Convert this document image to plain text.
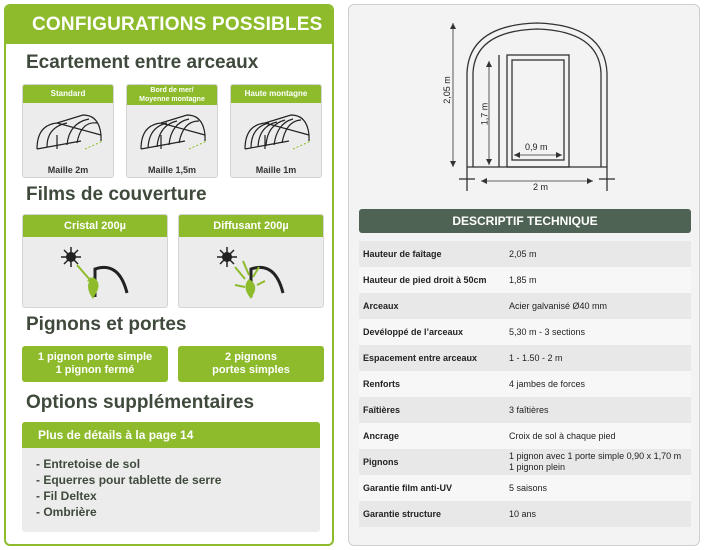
CONFIGURATIONS POSSIBLES
Ecartement entre arceaux
Standard
Maille 2m
Bord de mer/
Moyenne montagne
Maille 1,5m
Haute montagne
Maille 1m
Films de couverture
Cristal 200µ	Diffusant 200µ
Pignons et portes
1 pignon porte simple
1 pignon fermé
2 pignons
portes simples
Options supplémentaires
Plus de détails à la page 14
- Entretoise de sol
- Equerres pour tablette de serre
- Fil Deltex
- Ombrière
2,05 m
1,7 m
0,9 m
2 m
DESCRIPTIF TECHNIQUE
Hauteur de faîtage	2,05 m
Hauteur de pied droit à 50cm	1,85 m
Arceaux	Acier galvanisé Ø40 mm
Devéloppé de l’arceaux	5,30 m - 3 sections
Espacement entre arceaux	1 - 1.50 - 2 m
Renforts	4 jambes de forces
Faîtières	3 faîtières
Ancrage	Croix de sol à chaque pied
Pignons	1 pignon avec 1 porte simple 0,90 x 1,70 m
1 pignon plein
Garantie film anti-UV	5 saisons
Garantie structure	10 ans
